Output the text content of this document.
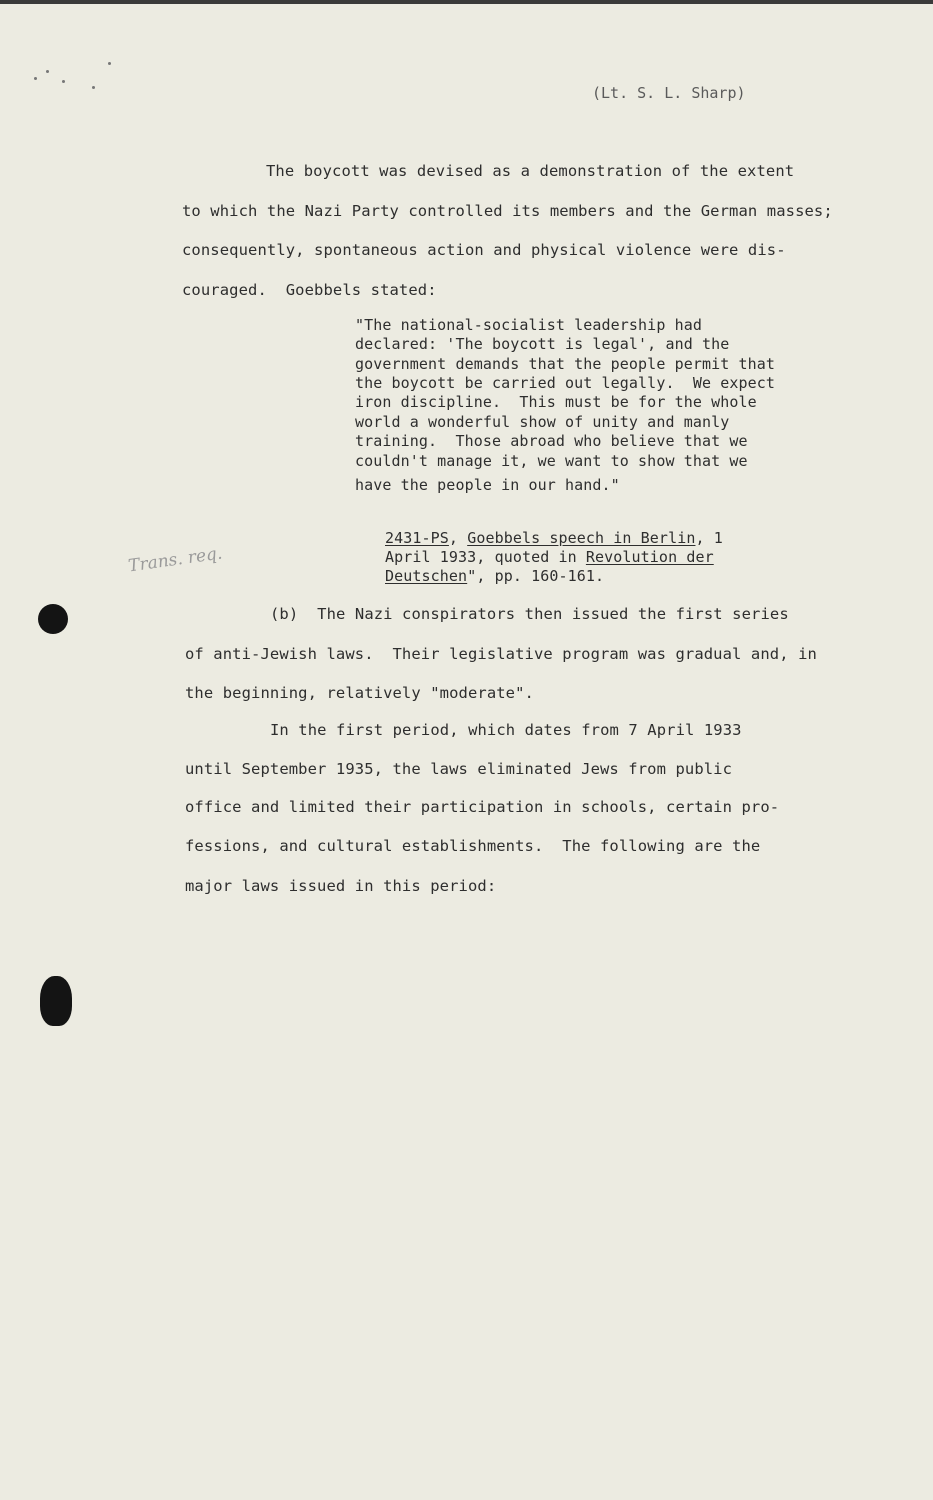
(Lt. S. L. Sharp)
The boycott was devised as a demonstration of the extent
to which the Nazi Party controlled its members and the German masses;
consequently, spontaneous action and physical violence were dis-
couraged.  Goebbels stated:
"The national-socialist leadership had
declared: 'The boycott is legal', and the
government demands that the people permit that
the boycott be carried out legally.  We expect
iron discipline.  This must be for the whole
world a wonderful show of unity and manly
training.  Those abroad who believe that we
couldn't manage it, we want to show that we
have the people in our hand."
2431-PS, Goebbels speech in Berlin, 1
April 1933, quoted in Revolution der
Deutschen", pp. 160-161.
Trans. req.
(b)  The Nazi conspirators then issued the first series
of anti-Jewish laws.  Their legislative program was gradual and, in
the beginning, relatively "moderate".
In the first period, which dates from 7 April 1933
until September 1935, the laws eliminated Jews from public
office and limited their participation in schools, certain pro-
fessions, and cultural establishments.  The following are the
major laws issued in this period:
